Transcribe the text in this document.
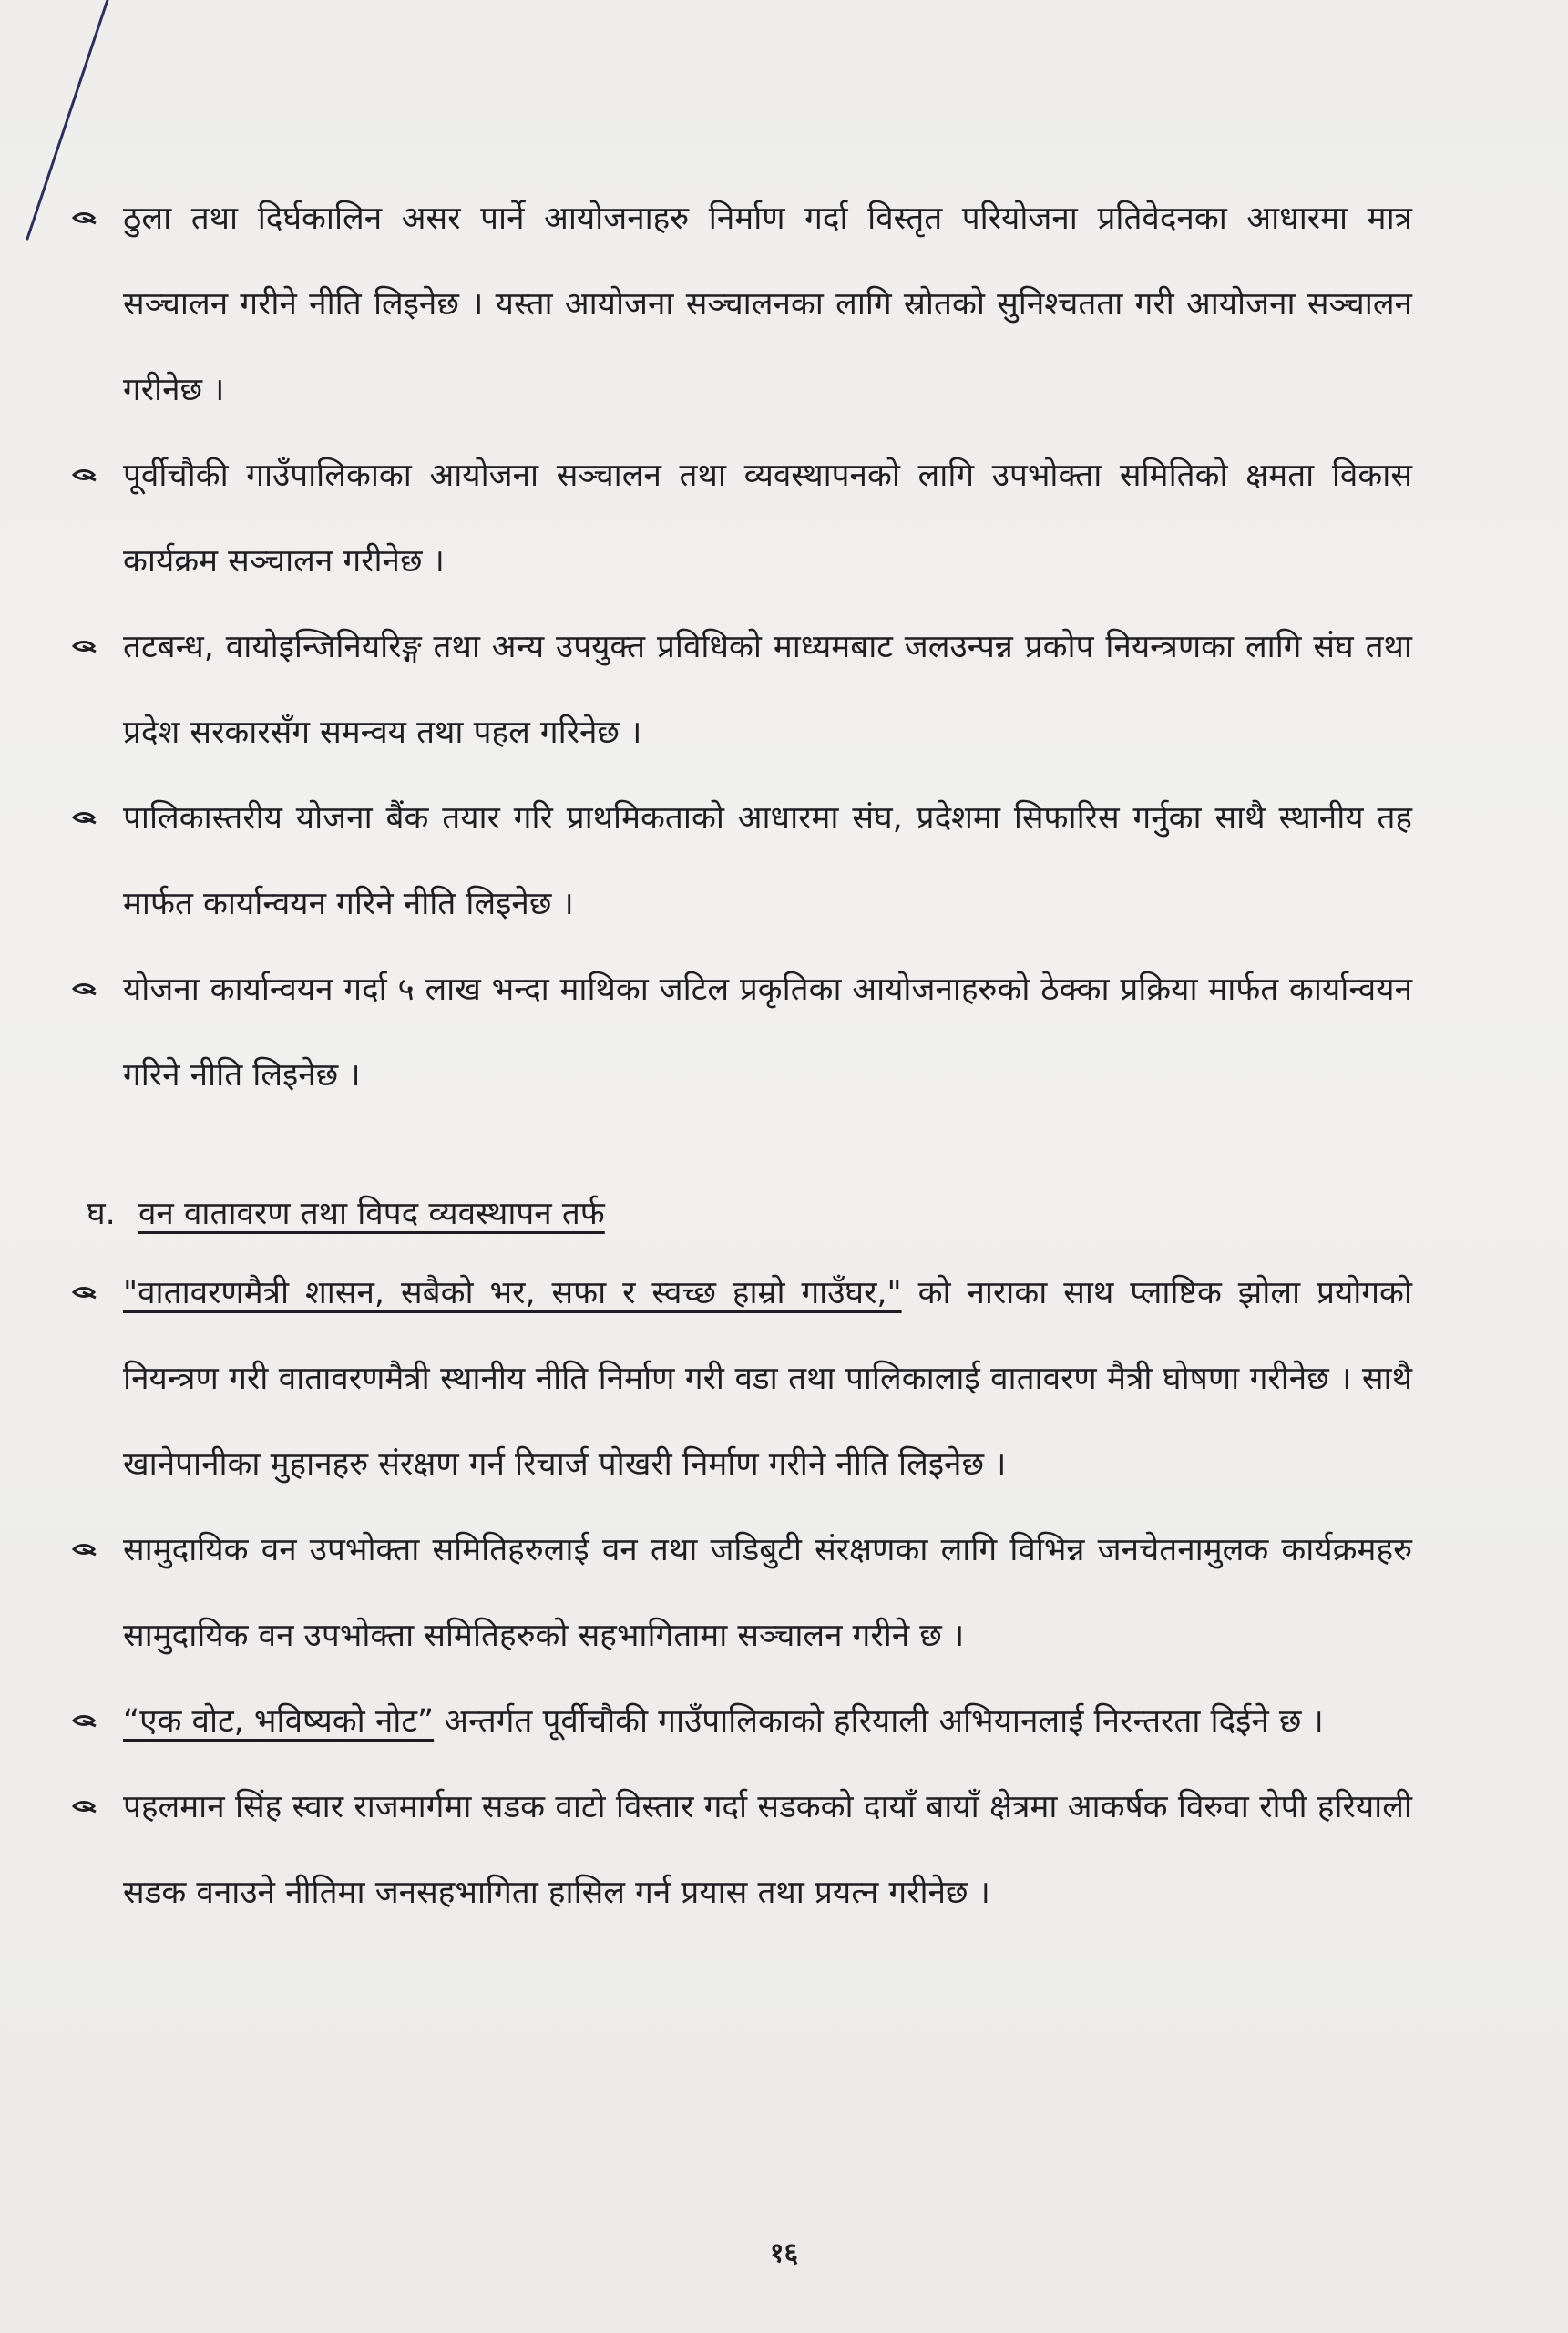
ठुला तथा दिर्घकालिन असर पार्ने आयोजनाहरु निर्माण गर्दा विस्तृत परियोजना प्रतिवेदनका आधारमा मात्र सञ्चालन गरीने नीति लिइनेछ । यस्ता आयोजना सञ्चालनका लागि स्रोतको सुनिश्चतता गरी आयोजना सञ्चालन गरीनेछ ।
पूर्वीचौकी गाउँपालिकाका आयोजना सञ्चालन तथा व्यवस्थापनको लागि उपभोक्ता समितिको क्षमता विकास कार्यक्रम सञ्चालन गरीनेछ ।
तटबन्ध, वायोइन्जिनियरिङ्ग तथा अन्य उपयुक्त प्रविधिको माध्यमबाट जलउन्पन्न प्रकोप नियन्त्रणका लागि संघ तथा प्रदेश सरकारसँग समन्वय तथा पहल गरिनेछ ।
पालिकास्तरीय योजना बैंक तयार गरि प्राथमिकताको आधारमा संघ, प्रदेशमा सिफारिस गर्नुका साथै स्थानीय तह मार्फत कार्यान्वयन गरिने नीति लिइनेछ ।
योजना कार्यान्वयन गर्दा ५ लाख भन्दा माथिका जटिल प्रकृतिका आयोजनाहरुको ठेक्का प्रक्रिया मार्फत कार्यान्वयन गरिने नीति लिइनेछ ।
घ. वन वातावरण तथा विपद व्यवस्थापन तर्फ
"वातावरणमैत्री शासन, सबैको भर, सफा र स्वच्छ हाम्रो गाउँघर," को नाराका साथ प्लाष्टिक झोला प्रयोगको नियन्त्रण गरी वातावरणमैत्री स्थानीय नीति निर्माण गरी वडा तथा पालिकालाई वातावरण मैत्री घोषणा गरीनेछ । साथै खानेपानीका मुहानहरु संरक्षण गर्न रिचार्ज पोखरी निर्माण गरीने नीति लिइनेछ ।
सामुदायिक वन उपभोक्ता समितिहरुलाई वन तथा जडिबुटी संरक्षणका लागि विभिन्न जनचेतनामुलक कार्यक्रमहरु सामुदायिक वन उपभोक्ता समितिहरुको सहभागितामा सञ्चालन गरीने छ ।
“एक वोट, भविष्यको नोट” अन्तर्गत पूर्वीचौकी गाउँपालिकाको हरियाली अभियानलाई निरन्तरता दिईने छ ।
पहलमान सिंह स्वार राजमार्गमा सडक वाटो विस्तार गर्दा सडकको दायाँ बायाँ क्षेत्रमा आकर्षक विरुवा रोपी हरियाली सडक वनाउने नीतिमा जनसहभागिता हासिल गर्न प्रयास तथा प्रयत्न गरीनेछ ।
१६
